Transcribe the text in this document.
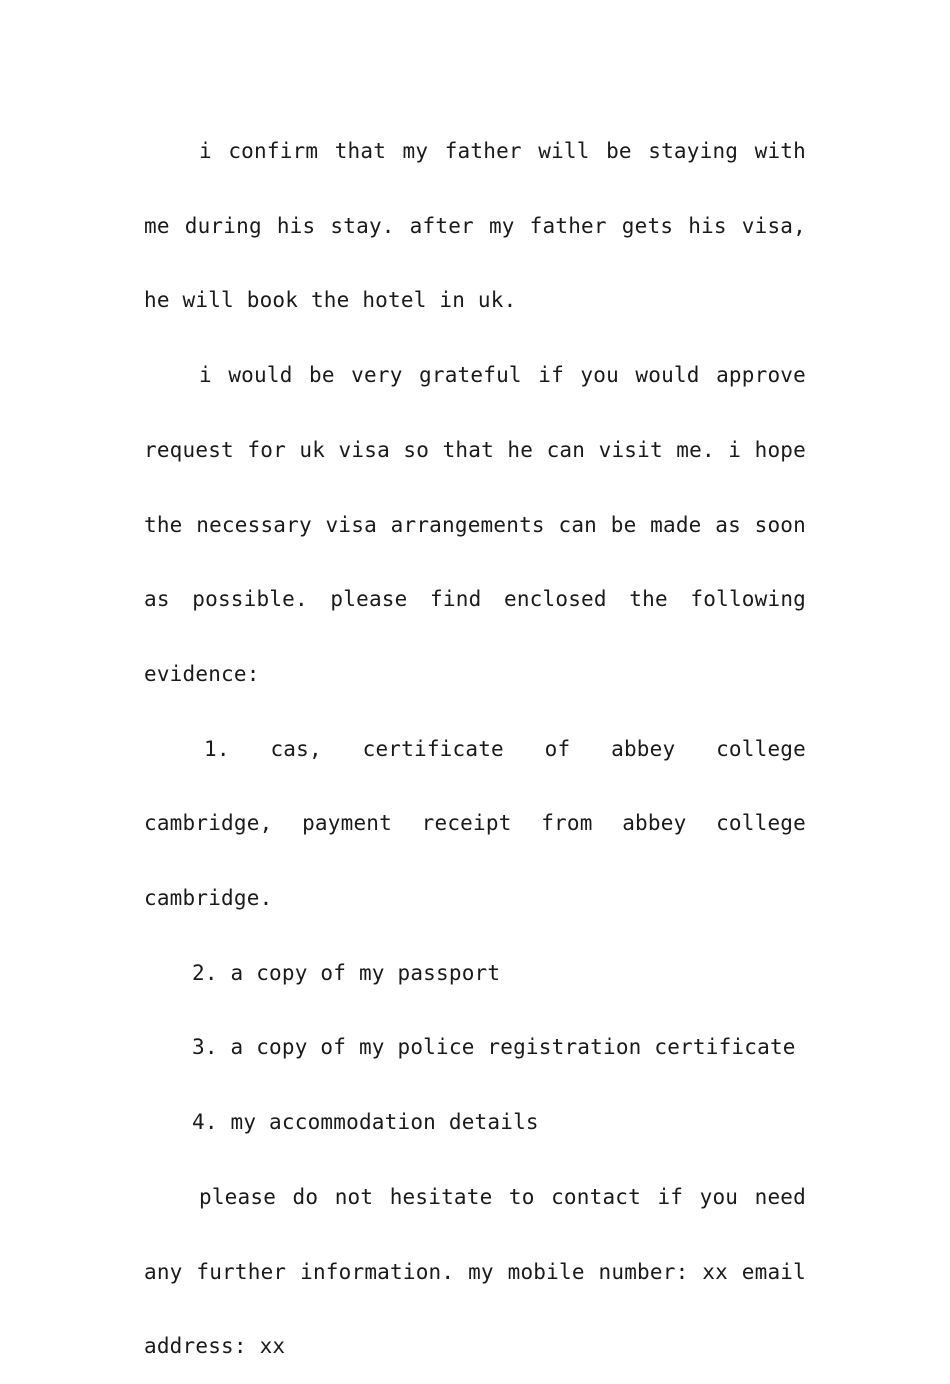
i confirm that my father will be staying with me during his stay. after my father gets his visa, he will book the hotel in uk.

i would be very grateful if you would approve request for uk visa so that he can visit me. i hope the necessary visa arrangements can be made as soon as possible. please find enclosed the following evidence:

1. cas, certificate of abbey college cambridge, payment receipt from abbey college cambridge.

2. a copy of my passport

3. a copy of my police registration certificate

4. my accommodation details

please do not hesitate to contact if you need any further information. my mobile number: xx email address: xx
